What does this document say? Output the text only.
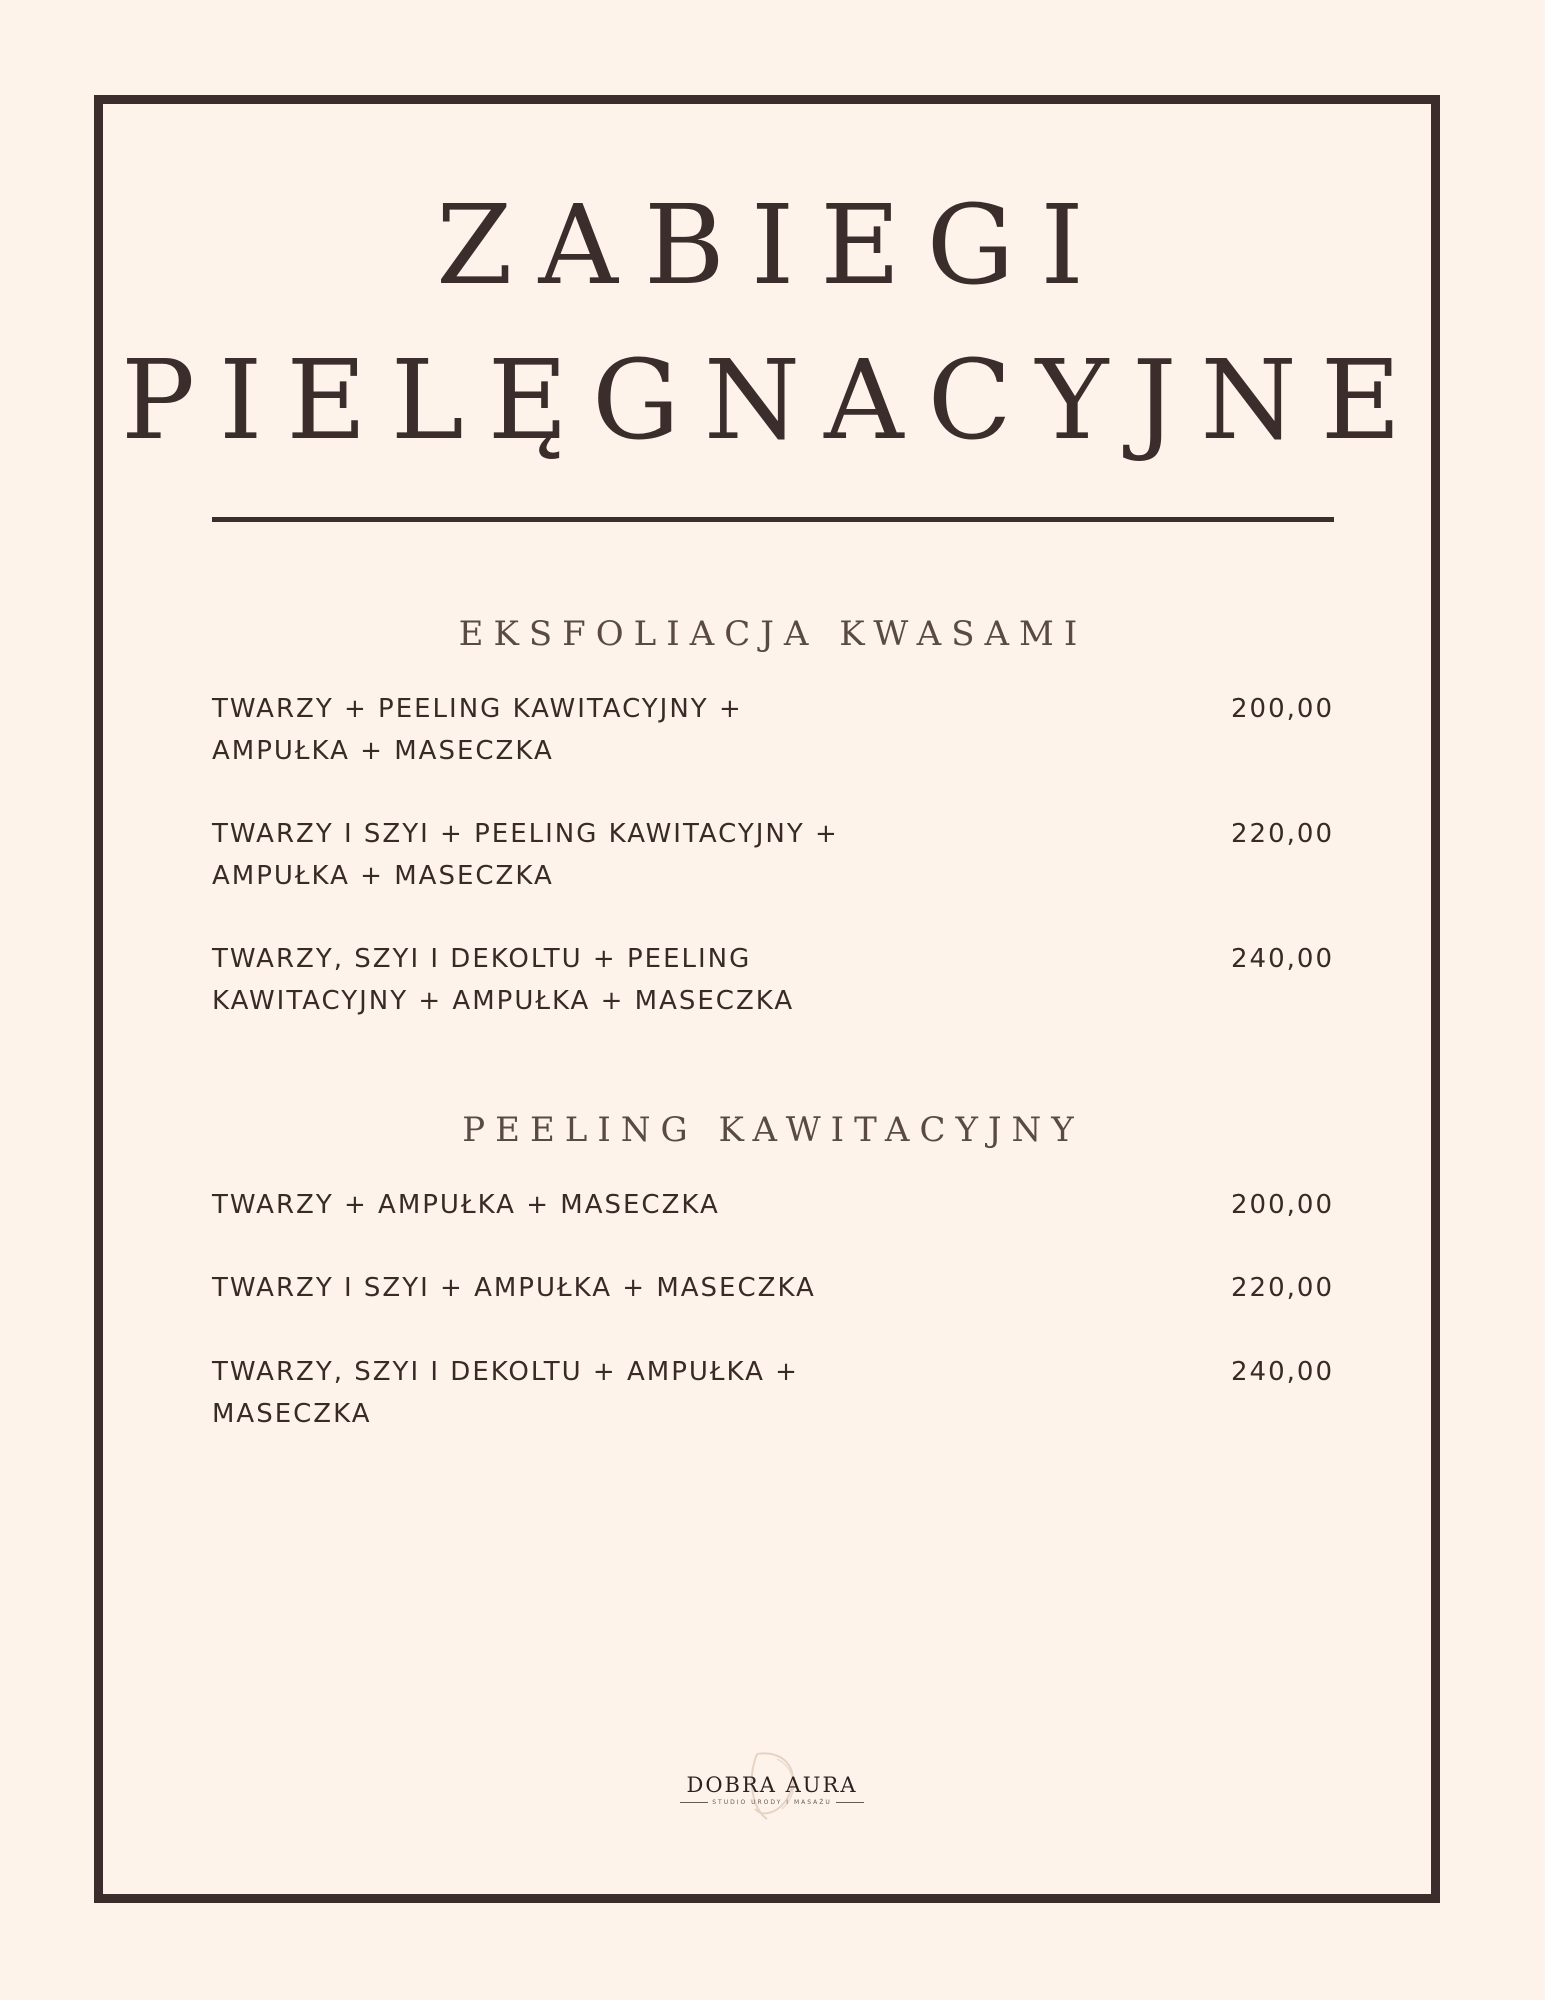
ZABIEGI
PIELĘGNACYJNE
EKSFOLIACJA KWASAMI
TWARZY + PEELING KAWITACYJNY + AMPUŁKA + MASECZKA
200,00
TWARZY I SZYI + PEELING KAWITACYJNY + AMPUŁKA + MASECZKA
220,00
TWARZY, SZYI I DEKOLTU + PEELING KAWITACYJNY + AMPUŁKA + MASECZKA
240,00
PEELING KAWITACYJNY
TWARZY + AMPUŁKA + MASECZKA	200,00
TWARZY I SZYI + AMPUŁKA + MASECZKA	220,00
TWARZY, SZYI I DEKOLTU + AMPUŁKA + MASECZKA
240,00
DOBRA AURA
STUDIO URODY I MASAŻU
